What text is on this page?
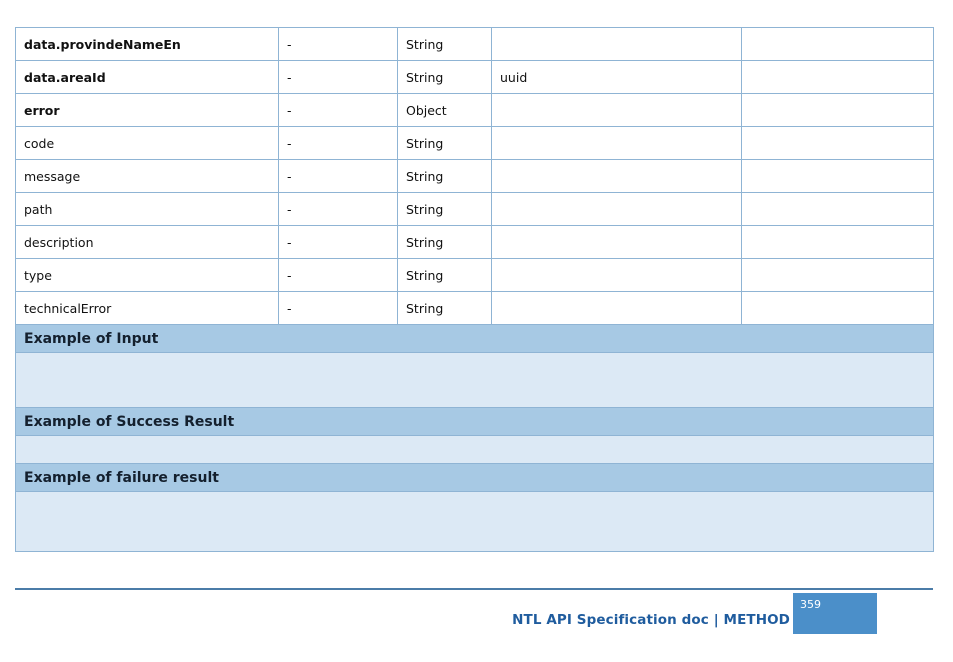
data.provindeNameEn	-	String		
data.areaId	-	String	uuid	
error	-	Object		
code	-	String		
message	-	String		
path	-	String		
description	-	String		
type	-	String		
technicalError	-	String		
Example of Input				

Example of Success Result				

Example of failure result				

NTL API Specification doc | METHOD
359
